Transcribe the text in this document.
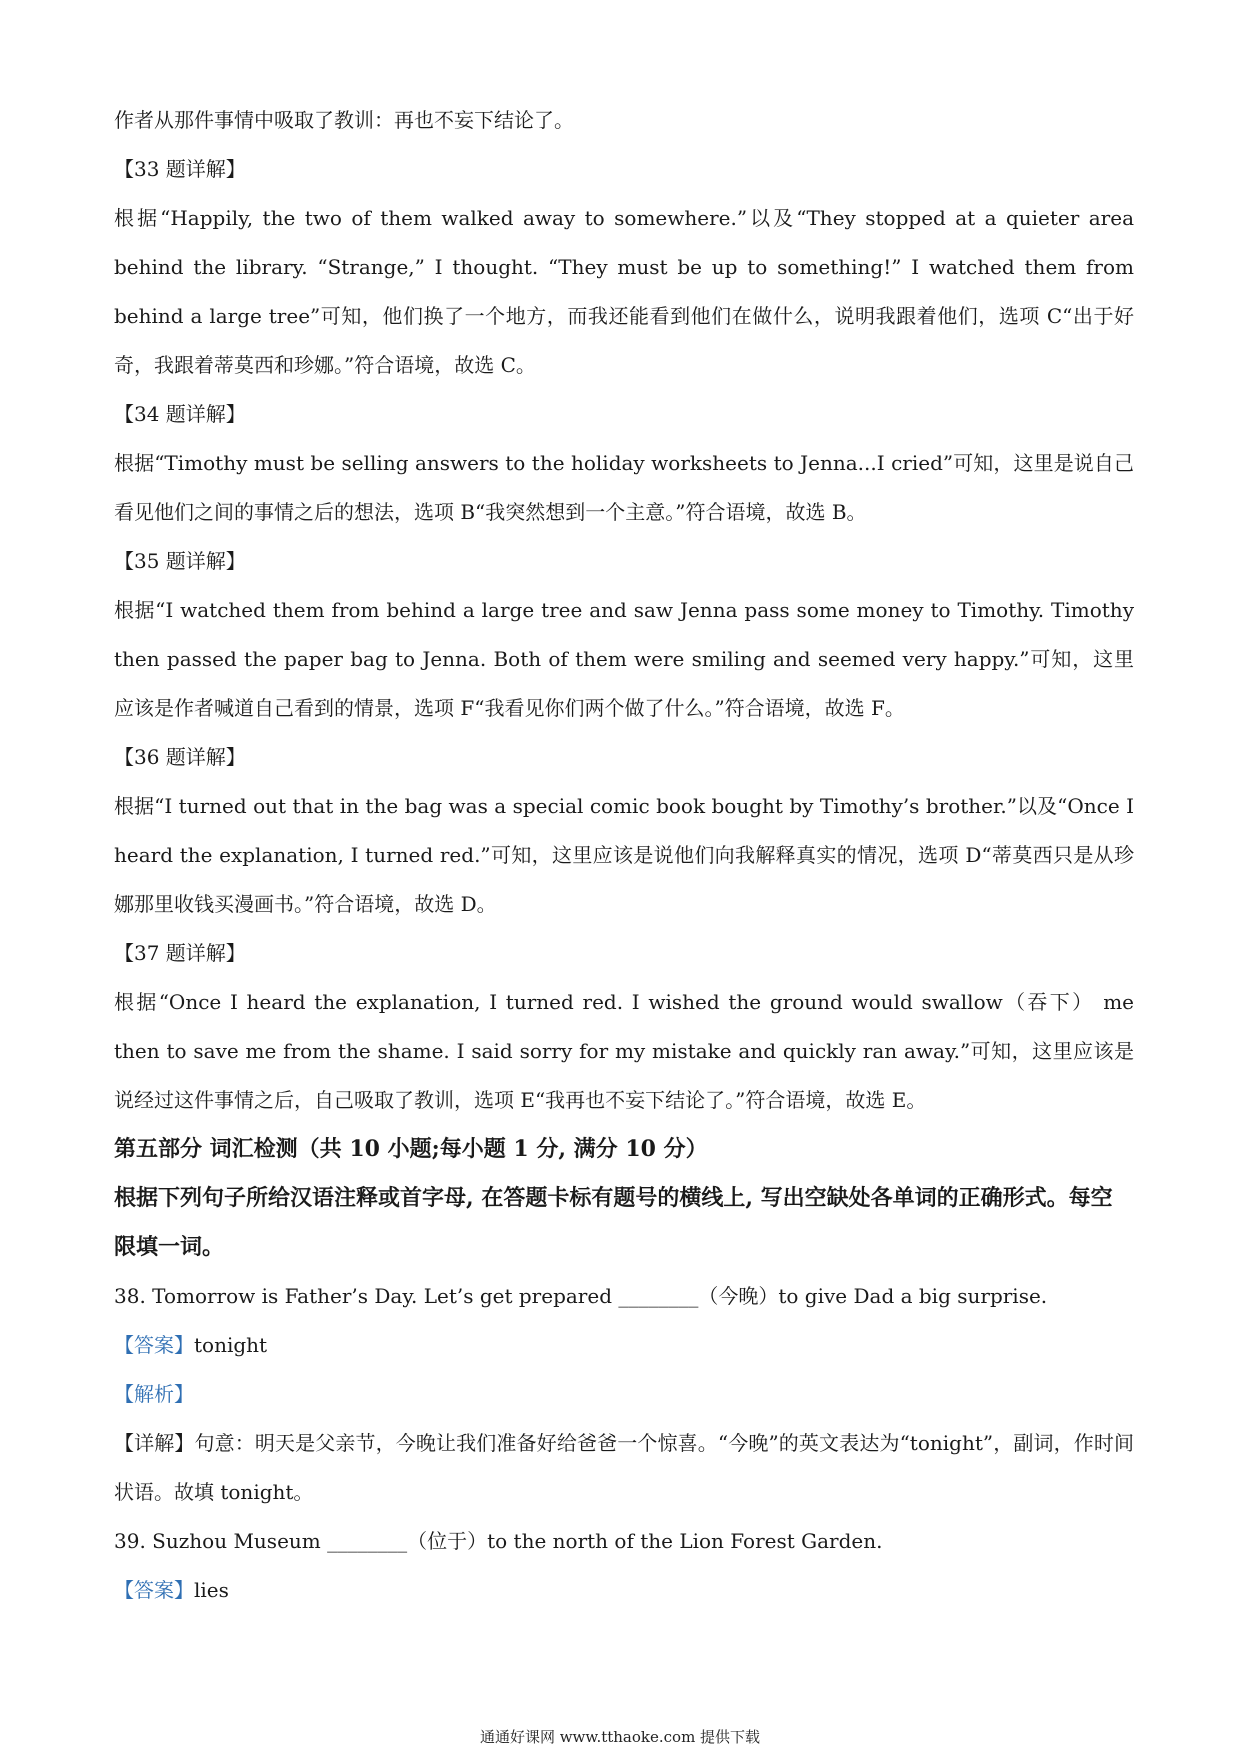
作者从那件事情中吸取了教训：再也不妄下结论了。

【33 题详解】

根据“Happily, the two of them walked away to somewhere.”以及“They stopped at a quieter area behind the library. “Strange,” I thought. “They must be up to something!” I watched them from behind a large tree”可知，他们换了一个地方，而我还能看到他们在做什么，说明我跟着他们，选项 C“出于好奇，我跟着蒂莫西和珍娜。”符合语境，故选 C。

【34 题详解】

根据“Timothy must be selling answers to the holiday worksheets to Jenna...I cried”可知，这里是说自己看见他们之间的事情之后的想法，选项 B“我突然想到一个主意。”符合语境，故选 B。

【35 题详解】

根据“I watched them from behind a large tree and saw Jenna pass some money to Timothy. Timothy then passed the paper bag to Jenna. Both of them were smiling and seemed very happy.”可知，这里应该是作者喊道自己看到的情景，选项 F“我看见你们两个做了什么。”符合语境，故选 F。

【36 题详解】

根据“I turned out that in the bag was a special comic book bought by Timothy’s brother.”以及“Once I heard the explanation, I turned red.”可知，这里应该是说他们向我解释真实的情况，选项 D“蒂莫西只是从珍娜那里收钱买漫画书。”符合语境，故选 D。

【37 题详解】

根据“Once I heard the explanation, I turned red. I wished the ground would swallow（吞下） me then to save me from the shame. I said sorry for my mistake and quickly ran away.”可知，这里应该是说经过这件事情之后，自己吸取了教训，选项 E“我再也不妄下结论了。”符合语境，故选 E。

第五部分 词汇检测（共 10 小题;每小题 1 分, 满分 10 分）

根据下列句子所给汉语注释或首字母, 在答题卡标有题号的横线上, 写出空缺处各单词的正确形式。每空限填一词。

38. Tomorrow is Father’s Day. Let’s get prepared ________（今晚）to give Dad a big surprise.

【答案】tonight

【解析】

【详解】句意：明天是父亲节，今晚让我们准备好给爸爸一个惊喜。“今晚”的英文表达为“tonight”，副词，作时间状语。故填 tonight。

39. Suzhou Museum ________（位于）to the north of the Lion Forest Garden.

【答案】lies

通通好课网 www.tthaoke.com 提供下载
